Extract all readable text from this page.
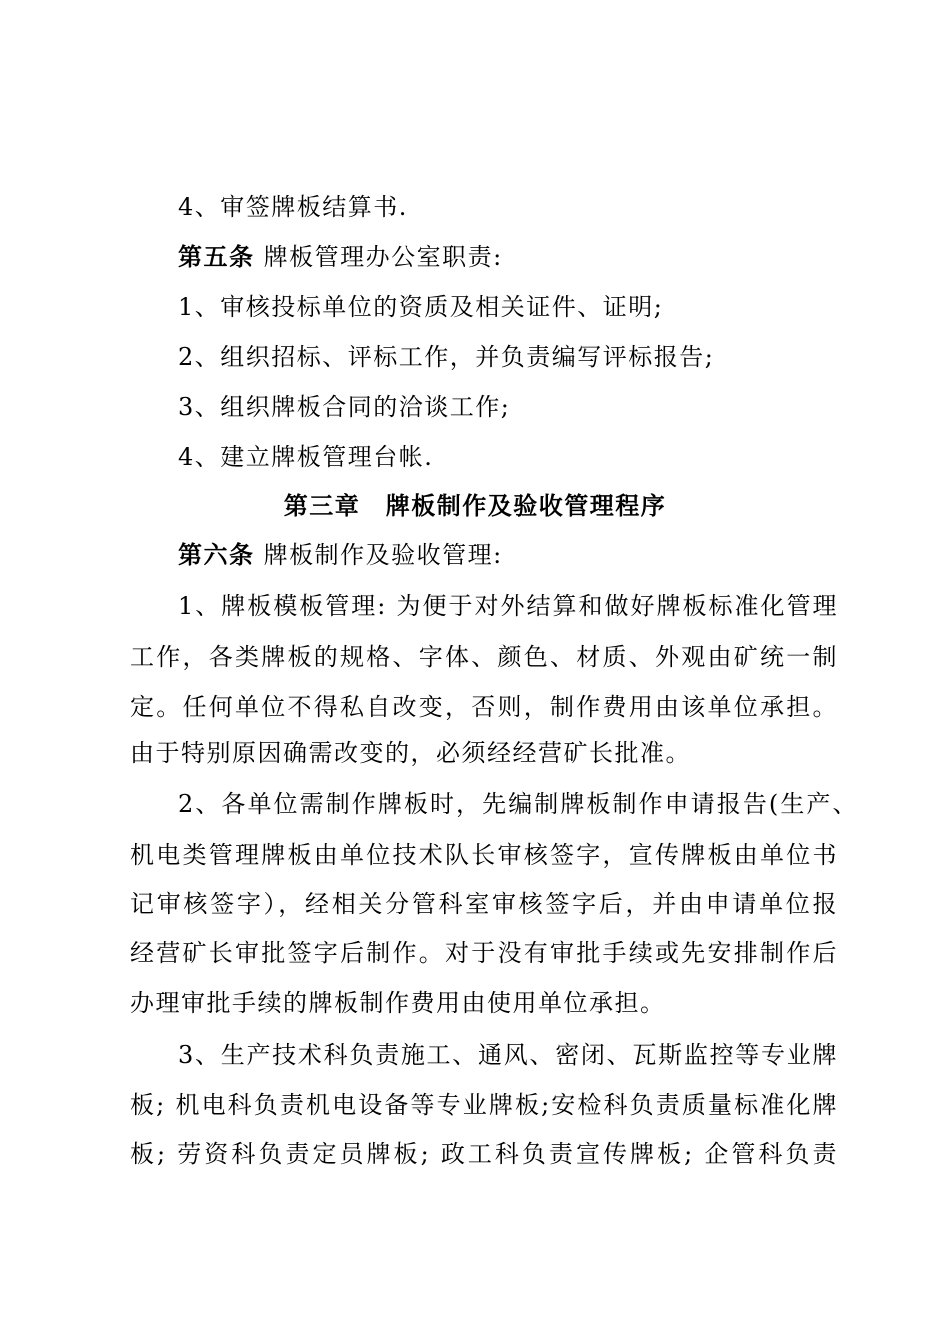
4、审签牌板结算书.
第五条 牌板管理办公室职责:
1、审核投标单位的资质及相关证件、证明;
2、组织招标、评标工作，并负责编写评标报告;
3、组织牌板合同的洽谈工作;
4、建立牌板管理台帐.
第三章　牌板制作及验收管理程序
第六条 牌板制作及验收管理:
1、牌板模板管理: 为便于对外结算和做好牌板标准化管理
工作，各类牌板的规格、字体、颜色、材质、外观由矿统一制
定。任何单位不得私自改变，否则，制作费用由该单位承担。
由于特别原因确需改变的，必须经经营矿长批准。
2、各单位需制作牌板时，先编制牌板制作申请报告(生产、
机电类管理牌板由单位技术队长审核签字，宣传牌板由单位书
记审核签字），经相关分管科室审核签字后，并由申请单位报
经营矿长审批签字后制作。对于没有审批手续或先安排制作后
办理审批手续的牌板制作费用由使用单位承担。
3、生产技术科负责施工、通风、密闭、瓦斯监控等专业牌
板; 机电科负责机电设备等专业牌板;安检科负责质量标准化牌
板; 劳资科负责定员牌板; 政工科负责宣传牌板; 企管科负责
